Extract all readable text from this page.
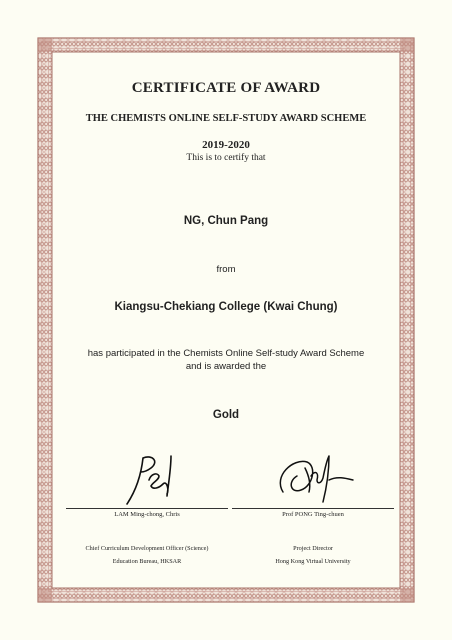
CERTIFICATE OF AWARD
THE CHEMISTS ONLINE SELF-STUDY AWARD SCHEME
2019-2020
This is to certify that
NG, Chun Pang
from
Kiangsu-Chekiang College (Kwai Chung)
has participated in the Chemists Online Self-study Award Scheme
and is awarded the
Gold
LAM Ming-chong, Chris	Prof PONG Ting-chuen
Chief Curriculum Development Officer (Science)
Education Bureau, HKSAR
Project Director
Hong Kong Virtual University
